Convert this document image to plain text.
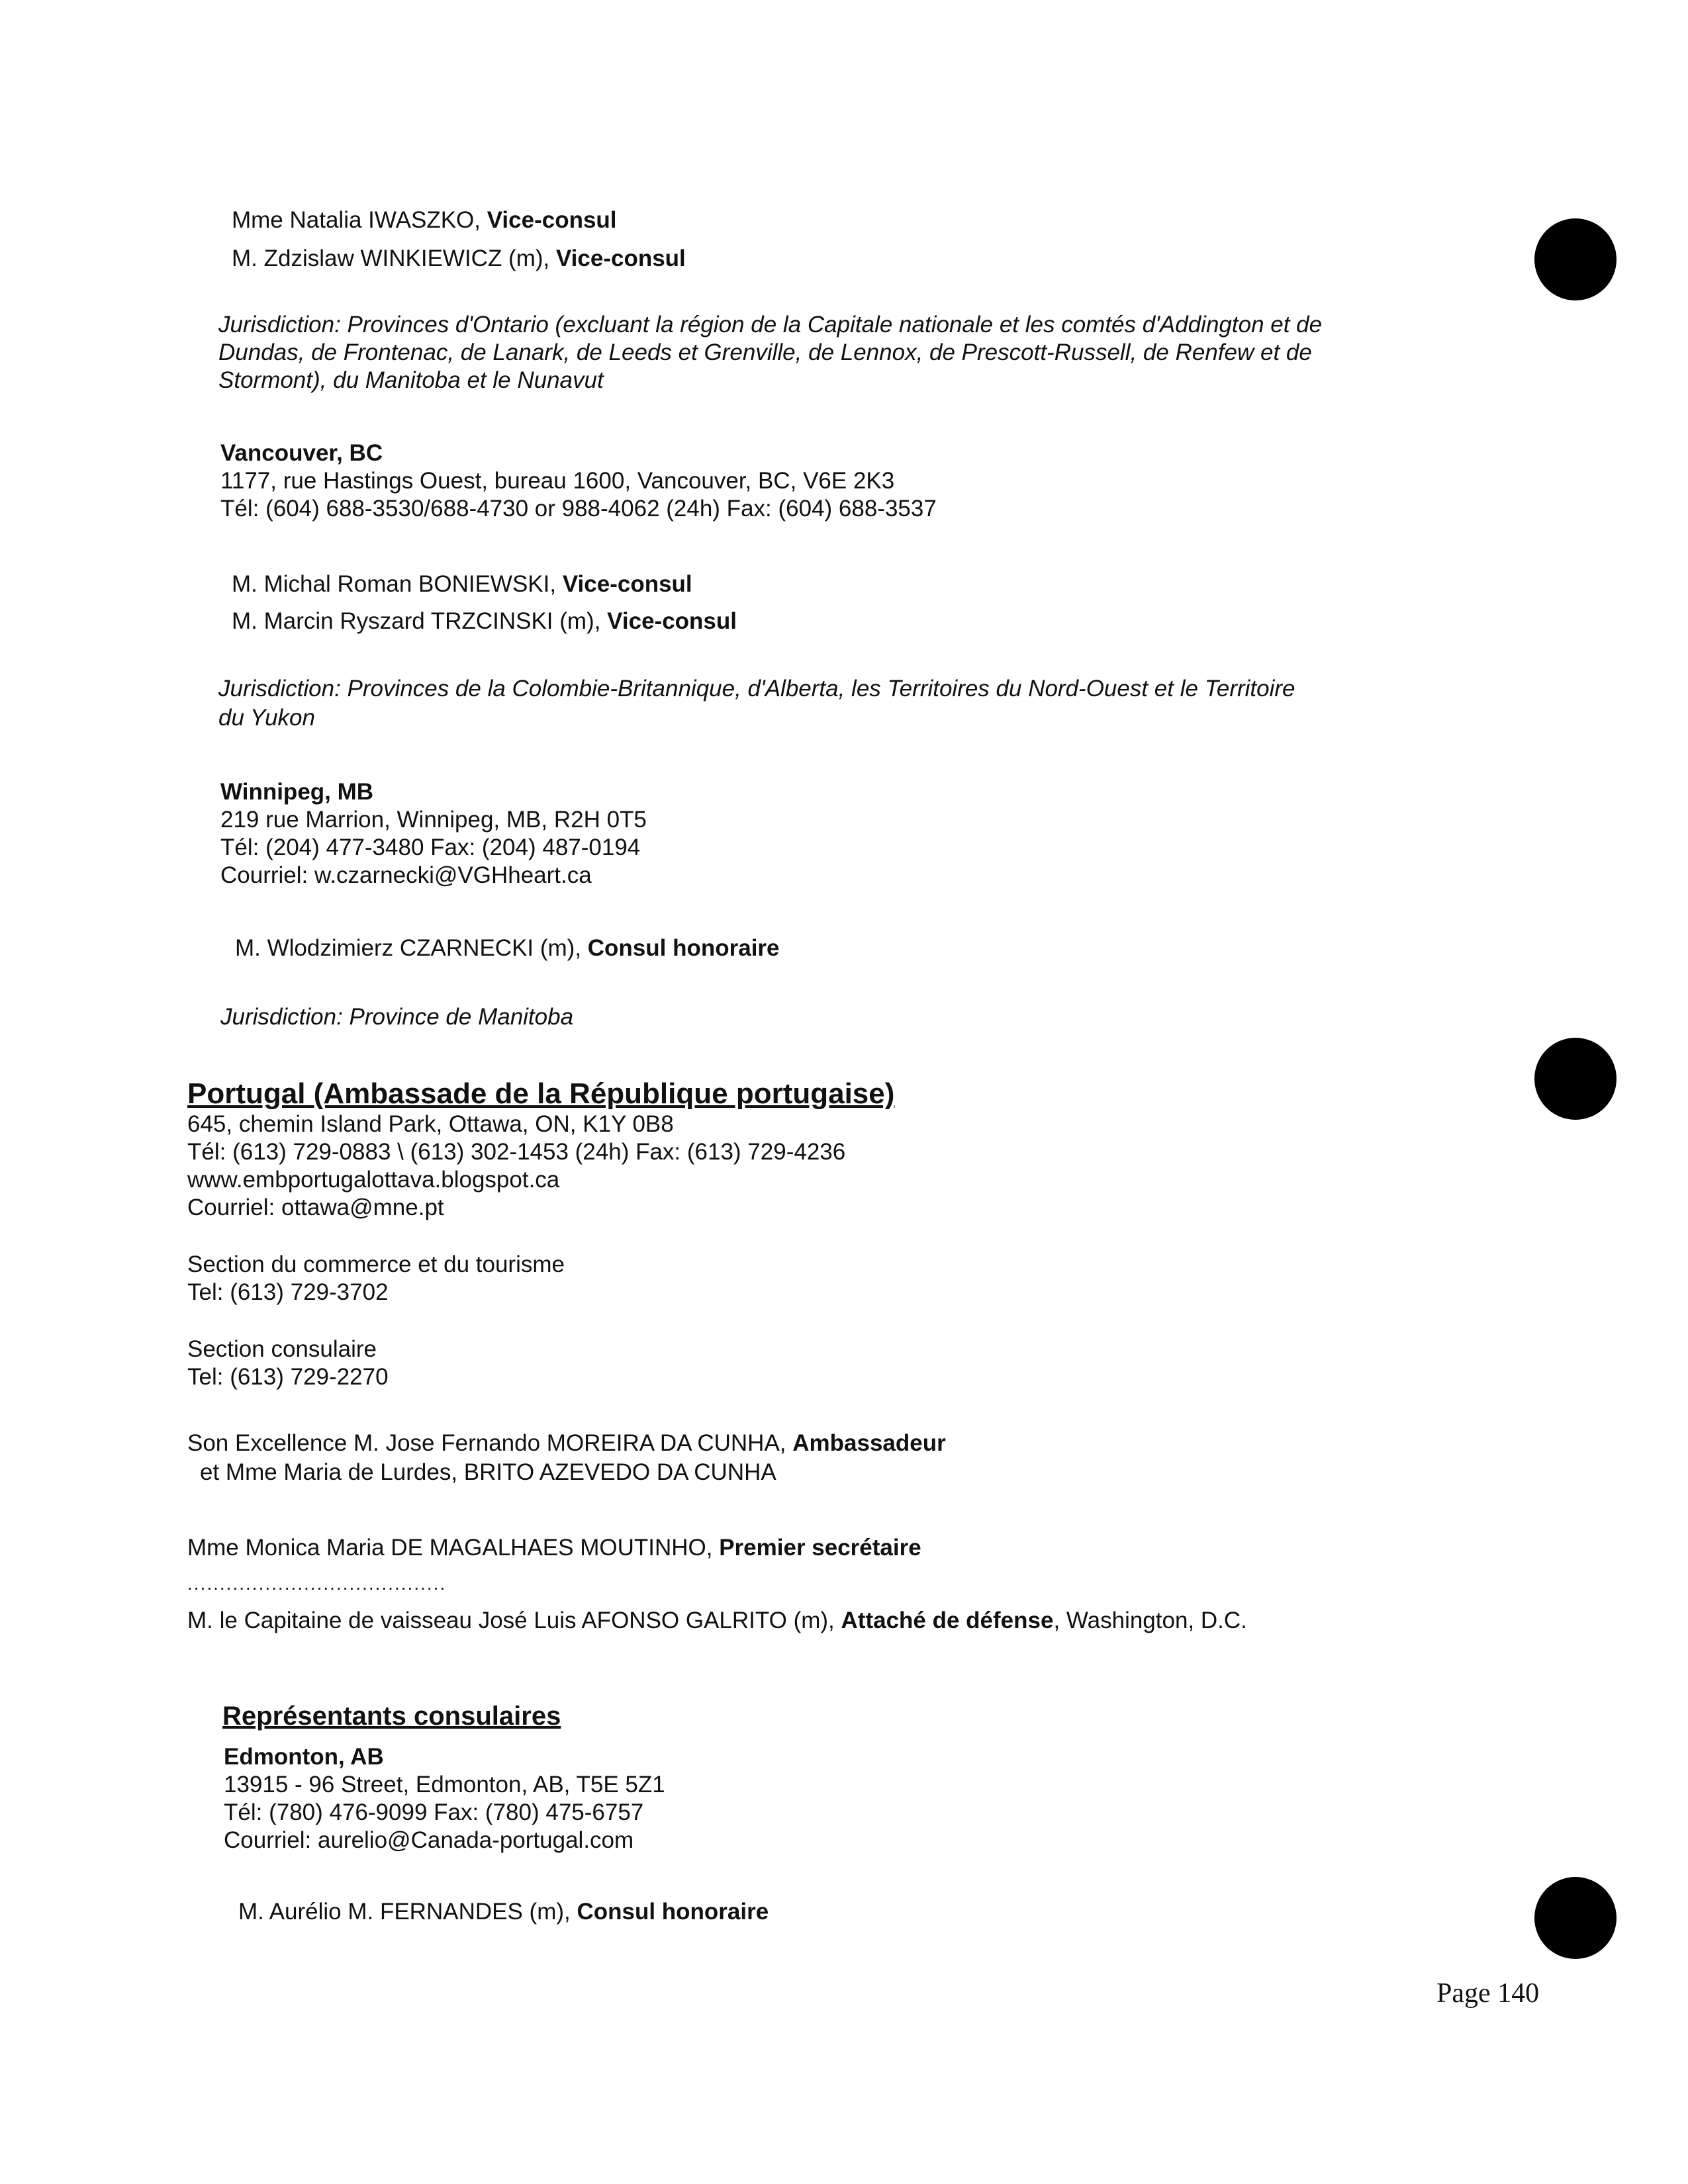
Mme Natalia IWASZKO, Vice-consul
M. Zdzislaw WINKIEWICZ (m), Vice-consul
Jurisdiction: Provinces d'Ontario (excluant la région de la Capitale nationale et les comtés d'Addington et de
Dundas, de Frontenac, de Lanark, de Leeds et Grenville, de Lennox, de Prescott-Russell, de Renfew et de
Stormont), du Manitoba et le Nunavut
Vancouver, BC
1177, rue Hastings Ouest, bureau 1600, Vancouver, BC, V6E 2K3
Tél: (604) 688-3530/688-4730 or 988-4062 (24h) Fax: (604) 688-3537
M. Michal Roman BONIEWSKI, Vice-consul
M. Marcin Ryszard TRZCINSKI (m), Vice-consul
Jurisdiction: Provinces de la Colombie-Britannique, d'Alberta, les Territoires du Nord-Ouest et le Territoire
du Yukon
Winnipeg, MB
219 rue Marrion, Winnipeg, MB, R2H 0T5
Tél: (204) 477-3480 Fax: (204) 487-0194
Courriel: w.czarnecki@VGHheart.ca
M. Wlodzimierz CZARNECKI (m), Consul honoraire
Jurisdiction: Province de Manitoba
Portugal (Ambassade de la République portugaise)
645, chemin Island Park, Ottawa, ON, K1Y 0B8
Tél: (613) 729-0883 \ (613) 302-1453 (24h) Fax: (613) 729-4236
www.embportugalottava.blogspot.ca
Courriel: ottawa@mne.pt
Section du commerce et du tourisme
Tel: (613) 729-3702
Section consulaire
Tel: (613) 729-2270
Son Excellence M. Jose Fernando MOREIRA DA CUNHA, Ambassadeur
et Mme Maria de Lurdes, BRITO AZEVEDO DA CUNHA
Mme Monica Maria DE MAGALHAES MOUTINHO, Premier secrétaire
........................................
M. le Capitaine de vaisseau José Luis AFONSO GALRITO (m), Attaché de défense, Washington, D.C.
Représentants consulaires
Edmonton, AB
13915 - 96 Street, Edmonton, AB, T5E 5Z1
Tél: (780) 476-9099 Fax: (780) 475-6757
Courriel: aurelio@Canada-portugal.com
M. Aurélio M. FERNANDES (m), Consul honoraire
Page 140
